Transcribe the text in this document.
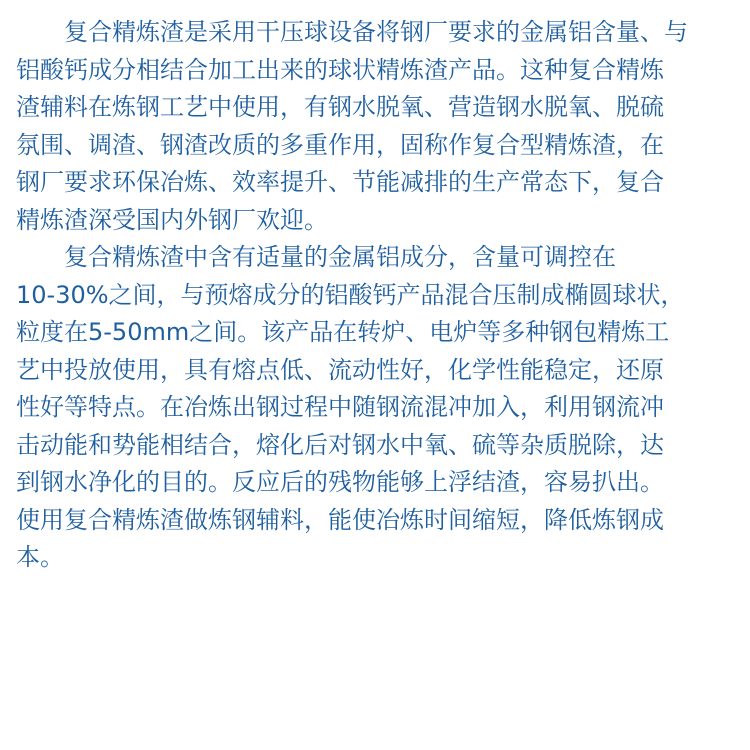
复合精炼渣是采用干压球设备将钢厂要求的金属铝含量、与
铝酸钙成分相结合加工出来的球状精炼渣产品。这种复合精炼
渣辅料在炼钢工艺中使用，有钢水脱氧、营造钢水脱氧、脱硫
氛围、调渣、钢渣改质的多重作用，固称作复合型精炼渣，在
钢厂要求环保冶炼、效率提升、节能减排的生产常态下，复合
精炼渣深受国内外钢厂欢迎。
复合精炼渣中含有适量的金属铝成分，含量可调控在
10-30%之间，与预熔成分的铝酸钙产品混合压制成椭圆球状，
粒度在5-50mm之间。该产品在转炉、电炉等多种钢包精炼工
艺中投放使用，具有熔点低、流动性好，化学性能稳定，还原
性好等特点。在冶炼出钢过程中随钢流混冲加入，利用钢流冲
击动能和势能相结合，熔化后对钢水中氧、硫等杂质脱除，达
到钢水净化的目的。反应后的残物能够上浮结渣，容易扒出。
使用复合精炼渣做炼钢辅料，能使冶炼时间缩短，降低炼钢成
本。
